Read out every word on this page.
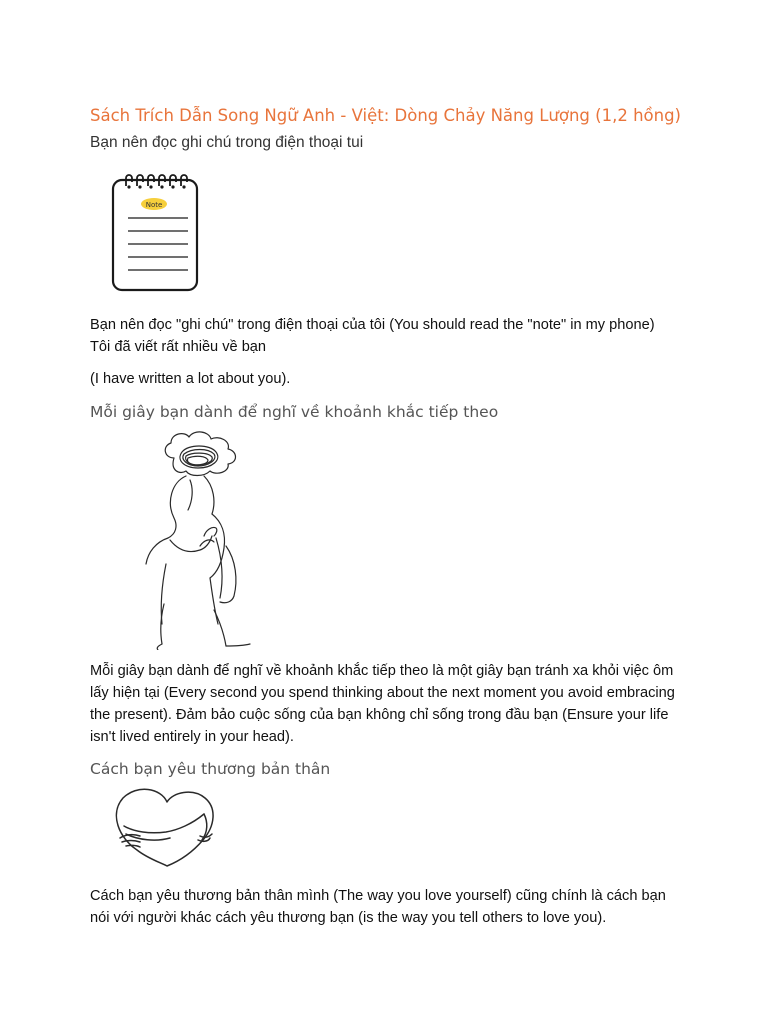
Sách Trích Dẫn Song Ngữ Anh - Việt: Dòng Chảy Năng Lượng (1,2 hồng)
Bạn nên đọc ghi chú trong điện thoại tui
Note

Bạn nên đọc "ghi chú" trong điện thoại của tôi (You should read the "note" in my phone)

Tôi đã viết rất nhiều về bạn

(I have written a lot about you).

Mỗi giây bạn dành để nghĩ về khoảnh khắc tiếp theo
Mỗi giây bạn dành để nghĩ về khoảnh khắc tiếp theo là một giây bạn tránh xa khỏi việc ôm lấy hiện tại (Every second you spend thinking about the next moment you avoid embracing the present). Đảm bảo cuộc sống của bạn không chỉ sống trong đầu bạn (Ensure your life isn't lived entirely in your head).
Cách bạn yêu thương bản thân
Cách bạn yêu thương bản thân mình (The way you love yourself) cũng chính là cách bạn nói với người khác cách yêu thương bạn (is the way you tell others to love you).
